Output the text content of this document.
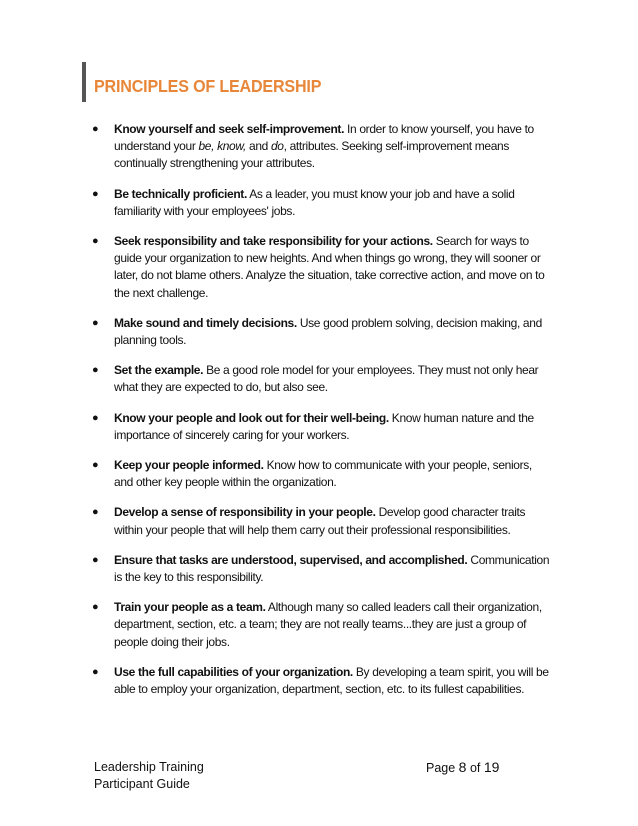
PRINCIPLES OF LEADERSHIP
● Know yourself and seek self-improvement. In order to know yourself, you have to understand your be, know, and do, attributes. Seeking self-improvement means continually strengthening your attributes.
● Be technically proficient. As a leader, you must know your job and have a solid familiarity with your employees' jobs.
● Seek responsibility and take responsibility for your actions. Search for ways to guide your organization to new heights. And when things go wrong, they will sooner or later, do not blame others. Analyze the situation, take corrective action, and move on to the next challenge.
● Make sound and timely decisions. Use good problem solving, decision making, and planning tools.
● Set the example. Be a good role model for your employees. They must not only hear what they are expected to do, but also see.
● Know your people and look out for their well-being. Know human nature and the importance of sincerely caring for your workers.
● Keep your people informed. Know how to communicate with your people, seniors, and other key people within the organization.
● Develop a sense of responsibility in your people. Develop good character traits within your people that will help them carry out their professional responsibilities.
● Ensure that tasks are understood, supervised, and accomplished. Communication is the key to this responsibility.
● Train your people as a team. Although many so called leaders call their organization, department, section, etc. a team; they are not really teams...they are just a group of people doing their jobs.
● Use the full capabilities of your organization. By developing a team spirit, you will be able to employ your organization, department, section, etc. to its fullest capabilities.
Leadership Training
Participant Guide
Page 8 of 19
